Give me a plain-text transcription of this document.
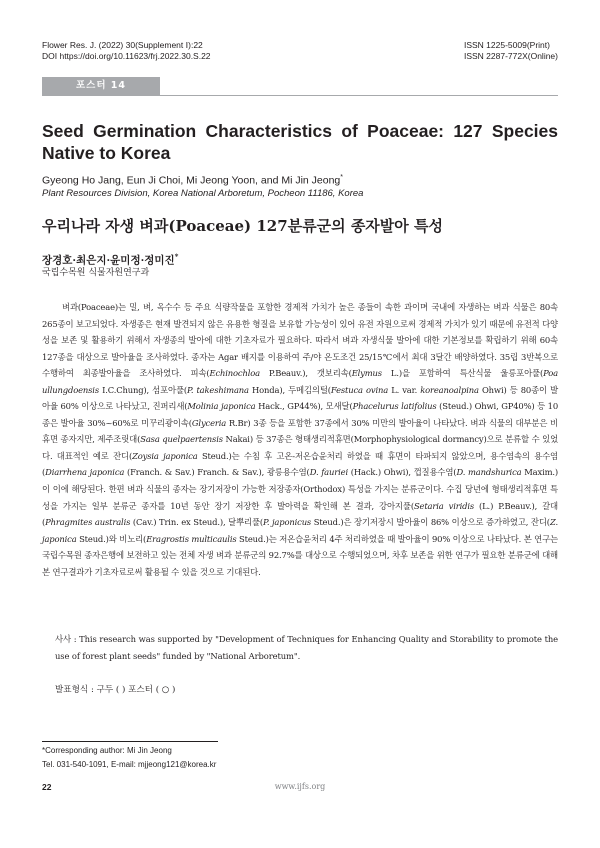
Flower Res. J. (2022) 30(Supplement Ⅰ):22
DOI https://doi.org/10.11623/frj.2022.30.S.22
ISSN 1225-5009(Print)
ISSN 2287-772X(Online)
포스터 14
Seed Germination Characteristics of Poaceae: 127 Species Native to Korea
Gyeong Ho Jang, Eun Ji Choi, Mi Jeong Yoon, and Mi Jin Jeong*
Plant Resources Division, Korea National Arboretum, Pocheon 11186, Korea
우리나라 자생 벼과(Poaceae) 127분류군의 종자발아 특성
장경호·최은지·윤미정·정미진*
국립수목원 식물자원연구과

벼과(Poaceae)는 밀, 벼, 옥수수 등 주요 식량작물을 포함한 경제적 가치가 높은 종들이 속한 과이며 국내에 자생하는 벼과 식물은 80속 265종이 보고되었다. 자생종은 현재 발견되지 않은 유용한 형질을 보유할 가능성이 있어 유전 자원으로써 경제적 가치가 있기 때문에 유전적 다양성을 보존 및 활용하기 위해서 자생종의 발아에 대한 기초자료가 필요하다. 따라서 벼과 자생식물 발아에 대한 기본정보를 확립하기 위해 60속 127종을 대상으로 발아율을 조사하였다. 종자는 Agar 배지를 이용하여 주/야 온도조건 25/15℃에서 최대 3달간 배양하였다. 35립 3반복으로 수행하여 최종발아율을 조사하였다. 피속(Echinochloa P.Beauv.), 갯보리속(Elymus L.)을 포함하여 특산식물 울릉포아풀(Poa ullungdoensis I.C.Chung), 섬포아풀(P. takeshimana Honda), 두메김의털(Festuca ovina L. var. koreanoalpina Ohwi) 등 80종이 발아율 60% 이상으로 나타났고, 진퍼리새(Molinia japonica Hack., GP44%), 모새달(Phacelurus latifolius (Steud.) Ohwi, GP40%) 등 10종은 발아율 30%~60%로 미꾸리광이속(Glyceria R.Br) 3종 등을 포함한 37종에서 30% 미만의 발아율이 나타났다. 벼과 식물의 대부분은 비휴면 종자지만, 제주조릿대(Sasa quelpaertensis Nakai) 등 37종은 형태생리적휴면(Morphophysiological dormancy)으로 분류할 수 있었다. 대표적인 예로 잔디(Zoysia japonica Steud.)는 수침 후 고온-저온습윤처리 하였을 때 휴면이 타파되지 않았으며, 용수염속의 용수염(Diarrhena japonica (Franch. & Sav.) Franch. & Sav.), 광릉용수염(D. fauriei (Hack.) Ohwi), 껍질용수염(D. mandshurica Maxim.)이 이에 해당된다. 한편 벼과 식물의 종자는 장기저장이 가능한 저장종자(Orthodox) 특성을 가지는 분류군이다. 수집 당년에 형태생리적휴면 특성을 가지는 일부 분류군 종자를 10년 동안 장기 저장한 후 발아력을 확인해 본 결과, 강아지풀(Setaria viridis (L.) P.Beauv.), 갈대(Phragmites australis (Cav.) Trin. ex Steud.), 달뿌리풀(P. japonicus Steud.)은 장기저장시 발아율이 86% 이상으로 증가하였고, 잔디(Z. japonica Steud.)와 비노리(Eragrostis multicaulis Steud.)는 저온습윤처리 4주 처리하였을 때 발아율이 90% 이상으로 나타났다. 본 연구는 국립수목원 종자은행에 보전하고 있는 전체 자생 벼과 분류군의 92.7%를 대상으로 수행되었으며, 차후 보존을 위한 연구가 필요한 분류군에 대해 본 연구결과가 기초자료로써 활용될 수 있을 것으로 기대된다.

사사 : This research was supported by "Development of Techniques for Enhancing Quality and Storability to promote the use of forest plant seeds" funded by "National Arboretum".
발표형식 : 구두 ( ) 포스터 ( ○ )
*Corresponding author: Mi Jin Jeong
Tel. 031-540-1091, E-mail: mjjeong121@korea.kr
22	www.ijfs.org
